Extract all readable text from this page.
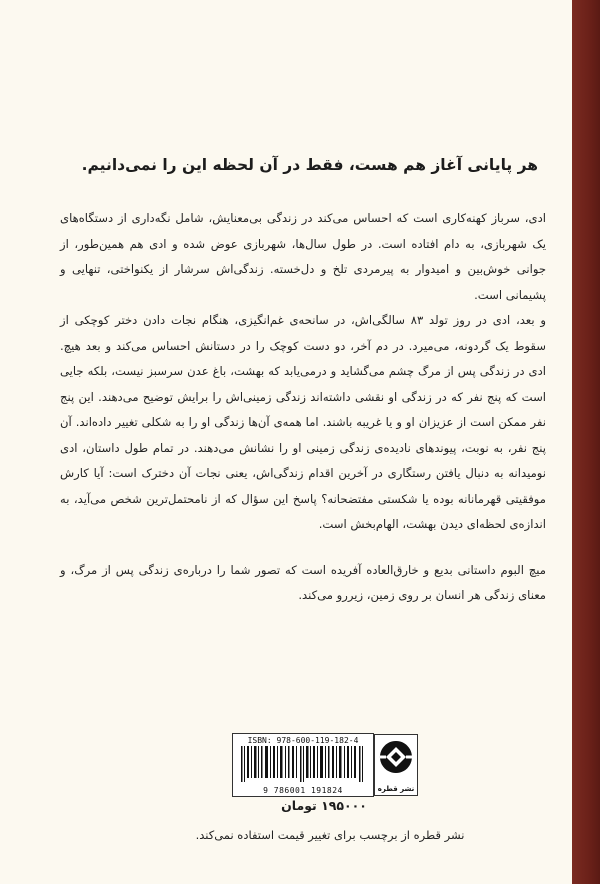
هر پایانی آغاز هم هست، فقط در آن لحظه این را نمی‌دانیم.

ادی، سرباز کهنه‌کاری است که احساس می‌کند در زندگی بی‌معنایش، شامل نگه‌داری از دستگاه‌های یک شهربازی، به دام افتاده است. در طول سال‌ها، شهربازی عوض شده و ادی هم همین‌طور، از جوانی خوش‌بین و امیدوار به پیرمردی تلخ و دل‌خسته. زندگی‌اش سرشار از یکنواختی، تنهایی و پشیمانی است.

و بعد، ادی در روز تولد ۸۳ سالگی‌اش، در سانحه‌ی غم‌انگیزی، هنگام نجات دادن دختر کوچکی از سقوط یک گردونه، می‌میرد. در دم آخر، دو دست کوچک را در دستانش احساس می‌کند و بعد هیچ. ادی در زندگی پس از مرگ چشم می‌گشاید و درمی‌یابد که بهشت، باغ عدن سرسبز نیست، بلکه جایی است که پنج نفر که در زندگی او نقشی داشته‌اند زندگی زمینی‌اش را برایش توضیح می‌دهند. این پنج نفر ممکن است از عزیزان او و یا غریبه باشند. اما همه‌ی آن‌ها زندگی او را به شکلی تغییر داده‌اند. آن پنج نفر، به نوبت، پیوندهای نادیده‌ی زندگی زمینی او را نشانش می‌دهند. در تمام طول داستان، ادی نومیدانه به دنبال یافتن رستگاری در آخرین اقدام زندگی‌اش، یعنی نجات آن دخترک است: آیا کارش موفقیتی قهرمانانه بوده یا شکستی مفتضحانه؟ پاسخ این سؤال که از نامحتمل‌ترین شخص می‌آید، به اندازه‌ی لحظه‌ای دیدن بهشت، الهام‌بخش است.

میچ البوم داستانی بدیع و خارق‌العاده آفریده است که تصور شما را درباره‌ی زندگی پس از مرگ، و معنای زندگی هر انسان بر روی زمین، زیررو می‌کند.

ISBN: 978-600-119-182-4
9 786001 191824	نشر قطره
۱۹۵۰۰۰ تومان
نشر قطره از برچسب برای تغییر قیمت استفاده نمی‌کند.
